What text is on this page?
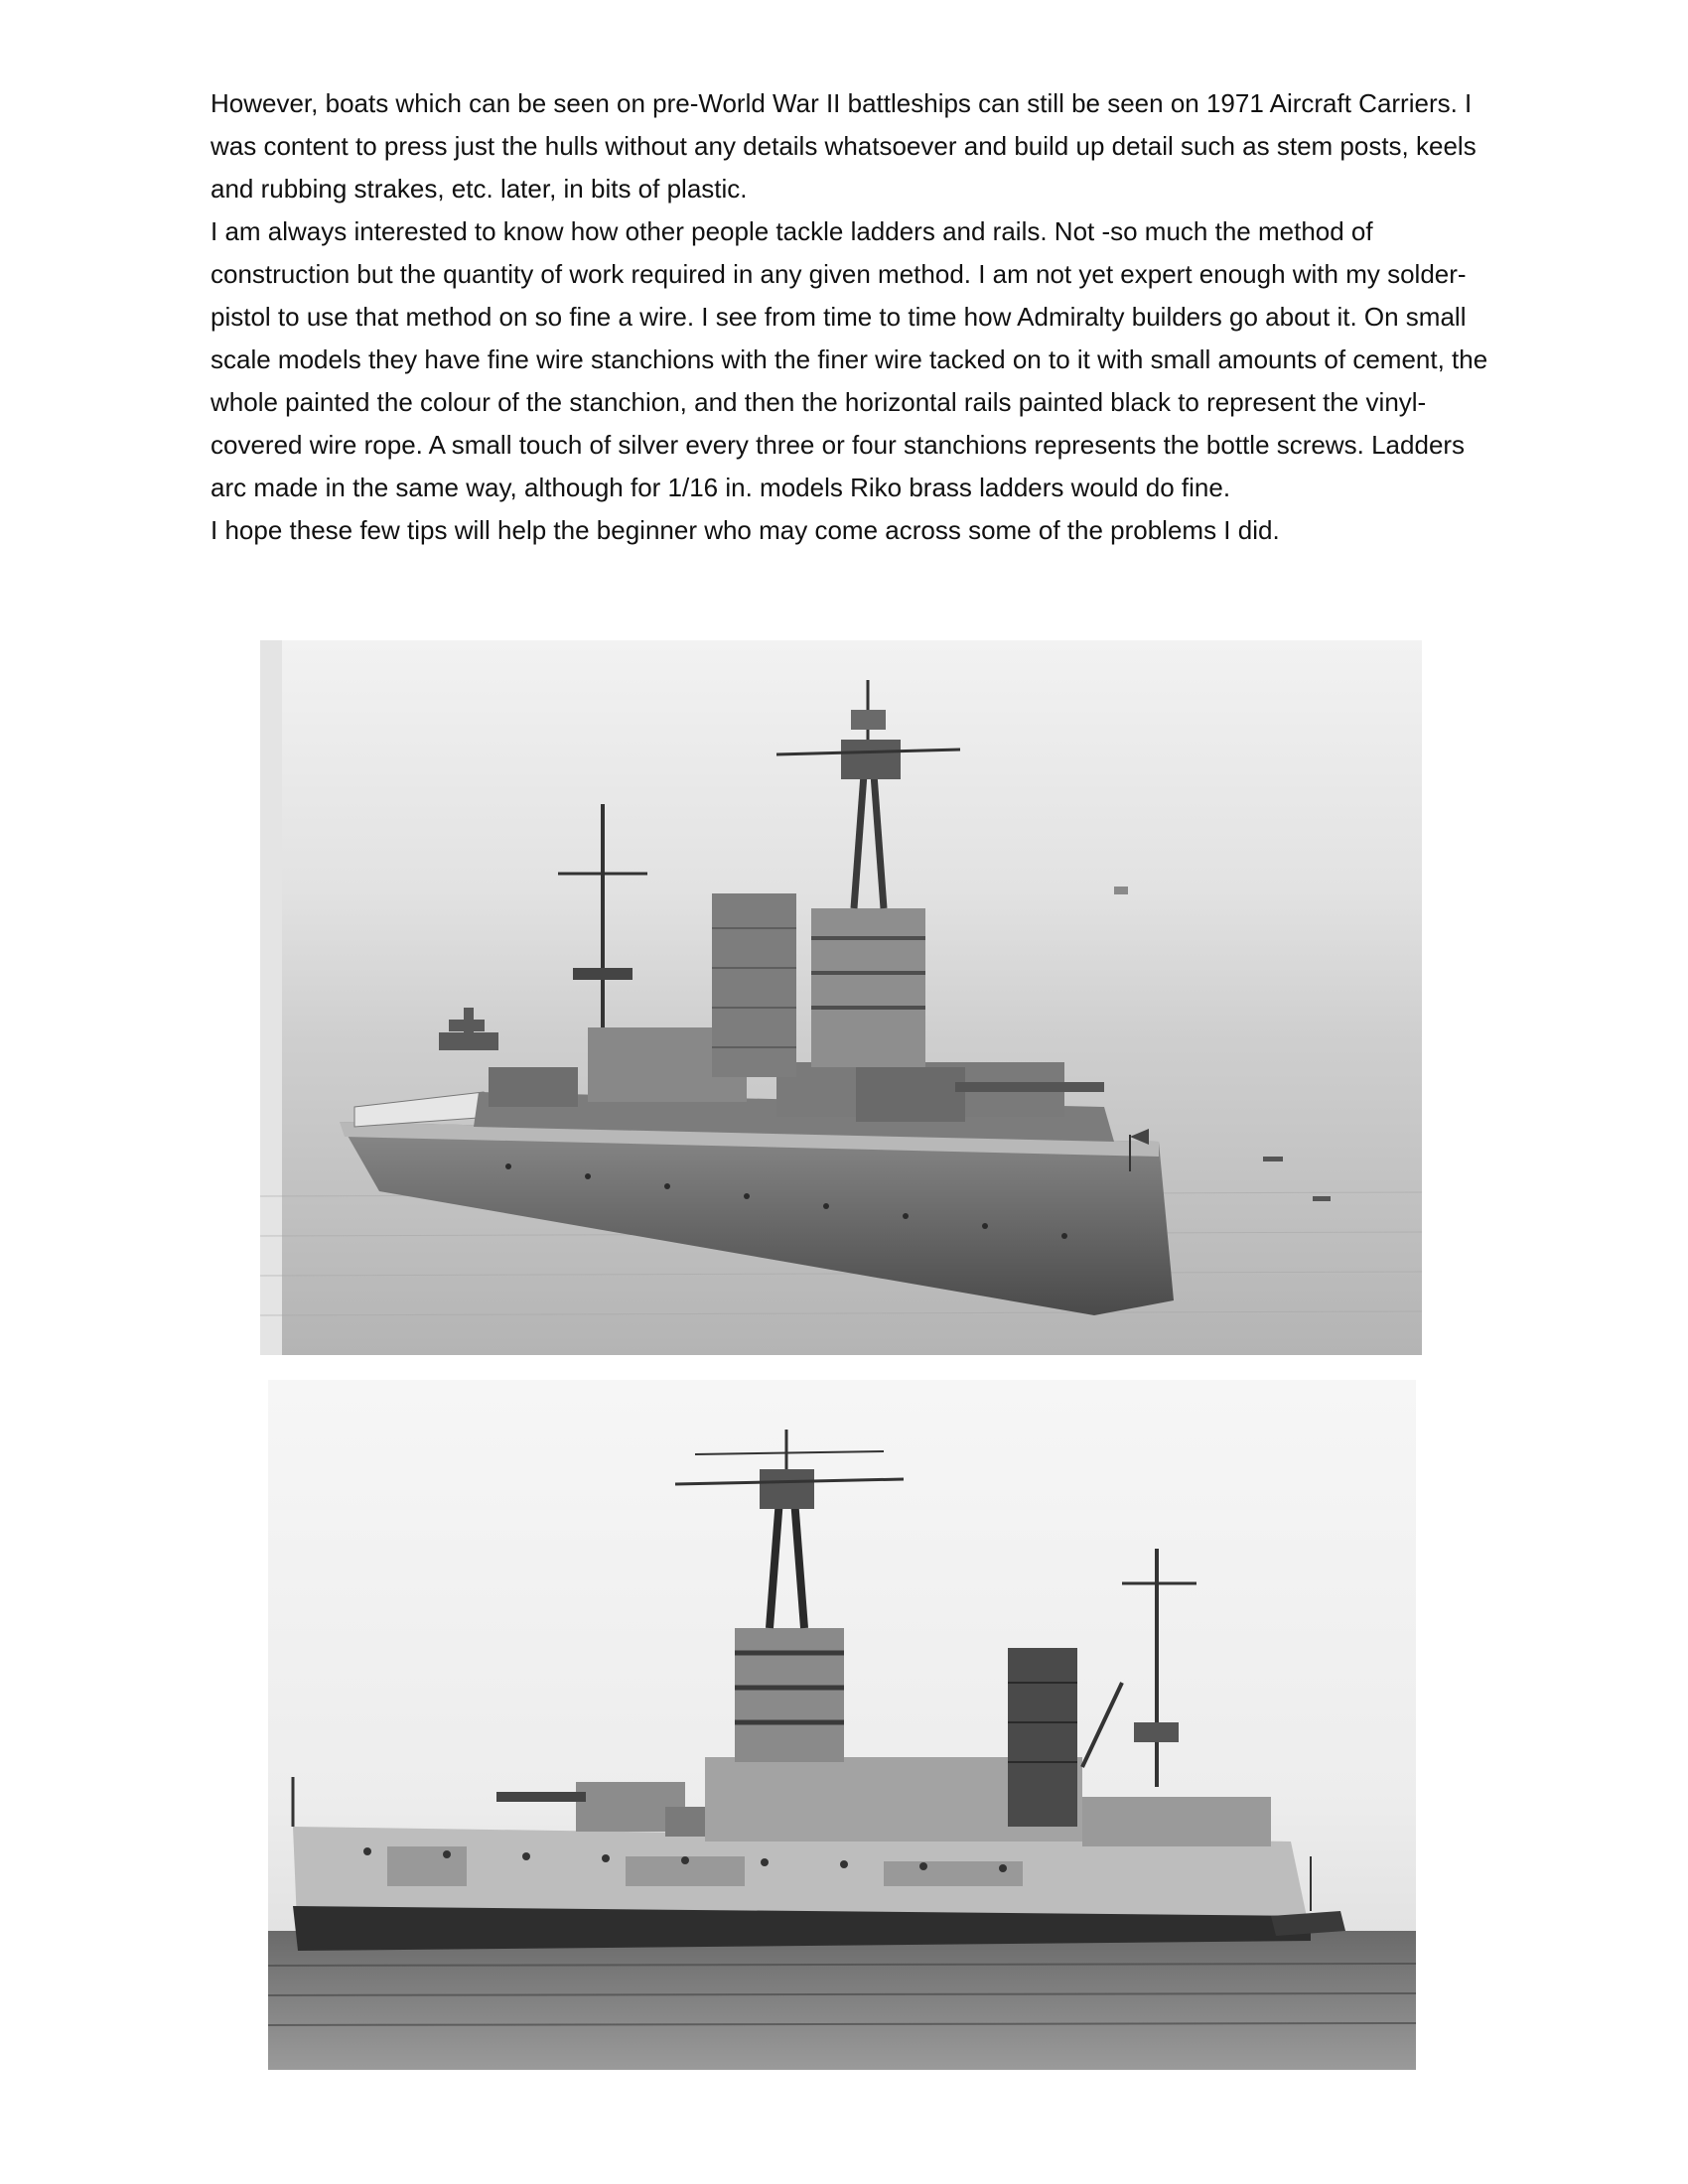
However, boats which can be seen on pre-World War II battleships can still be seen on 1971 Aircraft Carriers. I was content to press just the hulls without any details whatsoever and build up detail such as stem posts, keels and rubbing strakes, etc. later, in bits of plastic.

I am always interested to know how other people tackle ladders and rails. Not -so much the method of construction but the quantity of work required in any given method. I am not yet expert enough with my solder-pistol to use that method on so fine a wire. I see from time to time how Admiralty builders go about it. On small scale models they have fine wire stanchions with the finer wire tacked on to it with small amounts of cement, the whole painted the colour of the stanchion, and then the horizontal rails painted black to represent the vinyl-covered wire rope. A small touch of silver every three or four stanchions represents the bottle screws. Ladders arc made in the same way, although for 1/16 in. models Riko brass ladders would do fine.

I hope these few tips will help the beginner who may come across some of the problems I did.
